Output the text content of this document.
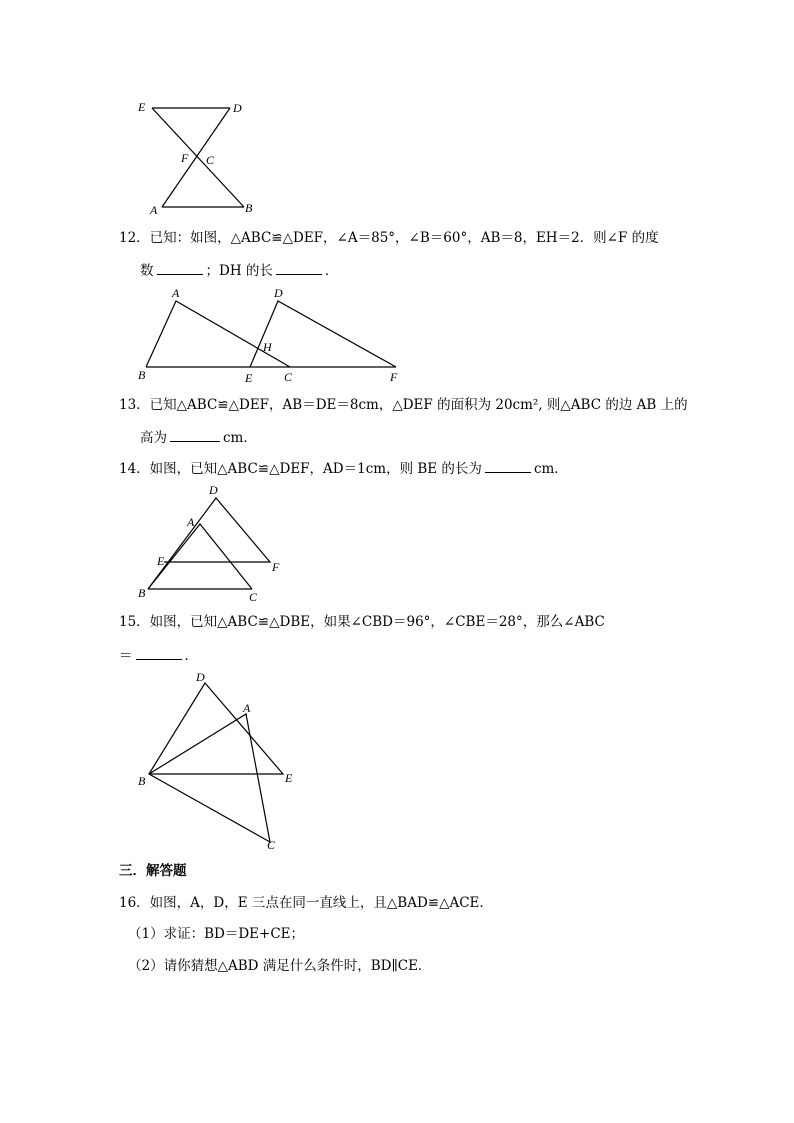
E	D
F C
A	B
12．已知：如图，△ABC≌△DEF，∠A＝85°，∠B＝60°，AB＝8，EH＝2．则∠F 的度
数	；DH 的长	．
A	D
H
B	E	C	F
13．已知△ABC≌△DEF，AB＝DE＝8cm，△DEF 的面积为 20cm², 则△ABC 的边 AB 上的
高为	cm．
14．如图，已知△ABC≌△DEF，AD＝1cm，则 BE 的长为	cm．
D
A
E	F
B	C
15．如图，已知△ABC≌△DBE，如果∠CBD＝96°，∠CBE＝28°，那么∠ABC
＝	．
D
A
B	E
C
三．解答题
16．如图，A，D，E 三点在同一直线上，且△BAD≌△ACE．
（1）求证：BD＝DE+CE；
（2）请你猜想△ABD 满足什么条件时，BD∥CE．
